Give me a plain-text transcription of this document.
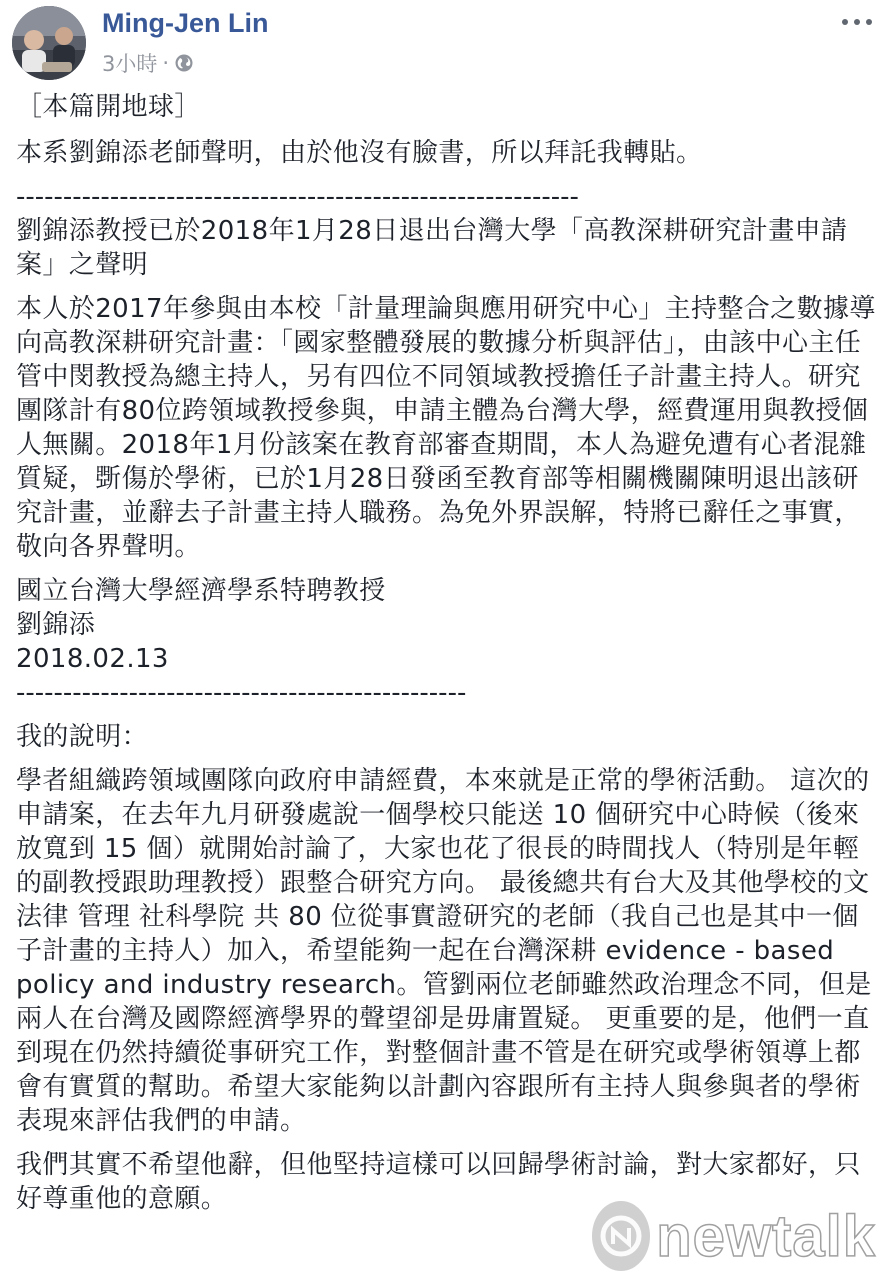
Ming-Jen Lin
3小時 ·

［本篇開地球］

本系劉錦添老師聲明，由於他沒有臉書，所以拜託我轉貼。

------------------------------------------------------------

劉錦添教授已於2018年1月28日退出台灣大學「高教深耕研究計畫申請案」之聲明

本人於2017年參與由本校「計量理論與應用研究中心」主持整合之數據導向高教深耕研究計畫：「國家整體發展的數據分析與評估」，由該中心主任管中閔教授為總主持人，另有四位不同領域教授擔任子計畫主持人。研究團隊計有80位跨領域教授參與，申請主體為台灣大學，經費運用與教授個人無關。2018年1月份該案在教育部審查期間，本人為避免遭有心者混雜質疑，斲傷於學術，已於1月28日發函至教育部等相關機關陳明退出該研究計畫，並辭去子計畫主持人職務。為免外界誤解，特將已辭任之事實，敬向各界聲明。

國立台灣大學經濟學系特聘教授

劉錦添

2018.02.13

------------------------------------------------

我的說明：

學者組織跨領域團隊向政府申請經費，本來就是正常的學術活動。 這次的申請案，在去年九月研發處說一個學校只能送 10 個研究中心時候（後來放寬到 15 個）就開始討論了，大家也花了很長的時間找人（特別是年輕的副教授跟助理教授）跟整合研究方向。 最後總共有台大及其他學校的文 法律 管理 社科學院 共 80 位從事實證研究的老師（我自己也是其中一個子計畫的主持人）加入，希望能夠一起在台灣深耕 evidence - based policy and industry research。管劉兩位老師雖然政治理念不同，但是兩人在台灣及國際經濟學界的聲望卻是毋庸置疑。 更重要的是，他們一直到現在仍然持續從事研究工作，對整個計畫不管是在研究或學術領導上都會有實質的幫助。希望大家能夠以計劃內容跟所有主持人與參與者的學術表現來評估我們的申請。

我們其實不希望他辭，但他堅持這樣可以回歸學術討論，對大家都好，只好尊重他的意願。

newtalk
